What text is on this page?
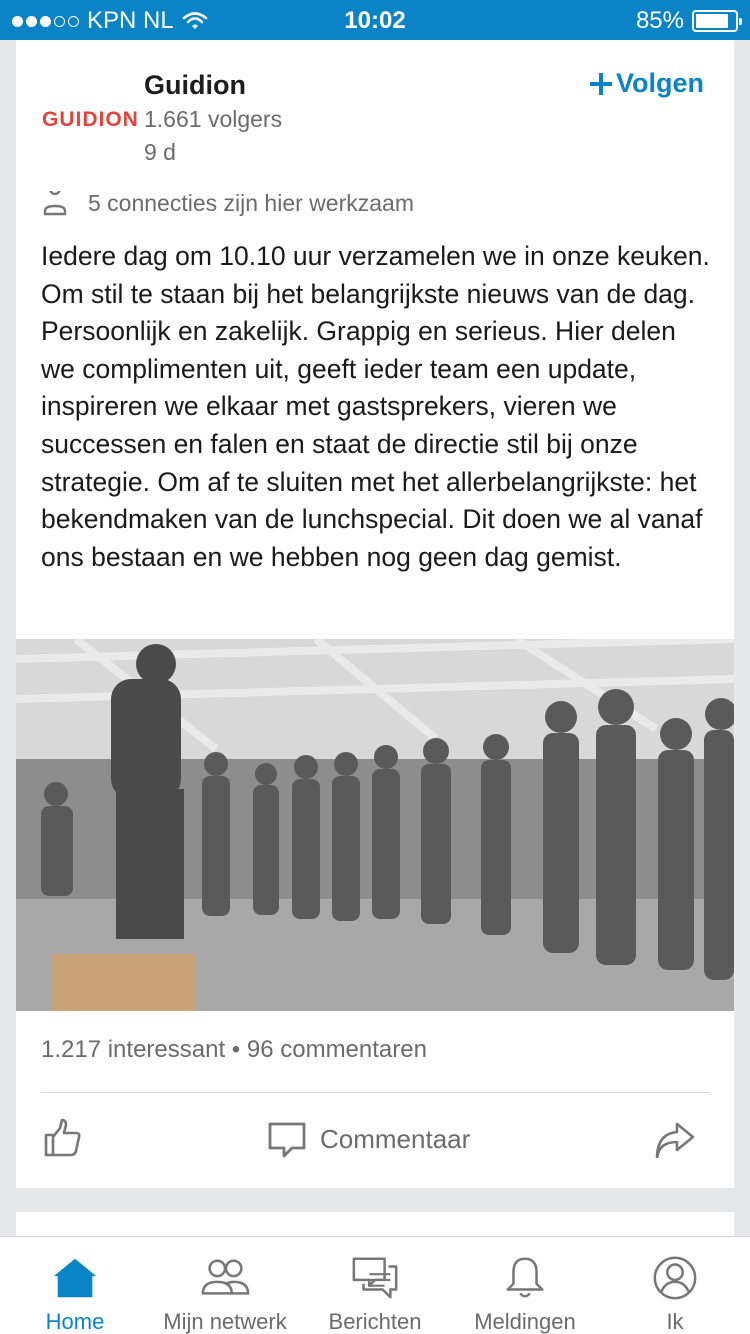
KPN NL	10:02	85%
GUIDION
Guidion
1.661 volgers
9 d
Volgen
5 connecties zijn hier werkzaam
Iedere dag om 10.10 uur verzamelen we in onze keuken. Om stil te staan bij het belangrijkste nieuws van de dag. Persoonlijk en zakelijk. Grappig en serieus. Hier delen we complimenten uit, geeft ieder team een update, inspireren we elkaar met gastsprekers, vieren we successen en falen en staat de directie stil bij onze strategie. Om af te sluiten met het allerbelangrijkste: het bekendmaken van de lunchspecial. Dit doen we al vanaf ons bestaan en we hebben nog geen dag gemist.
1.217 interessant • 96 commentaren
Commentaar
Home	Mijn netwerk Berichten Meldingen	Ik
